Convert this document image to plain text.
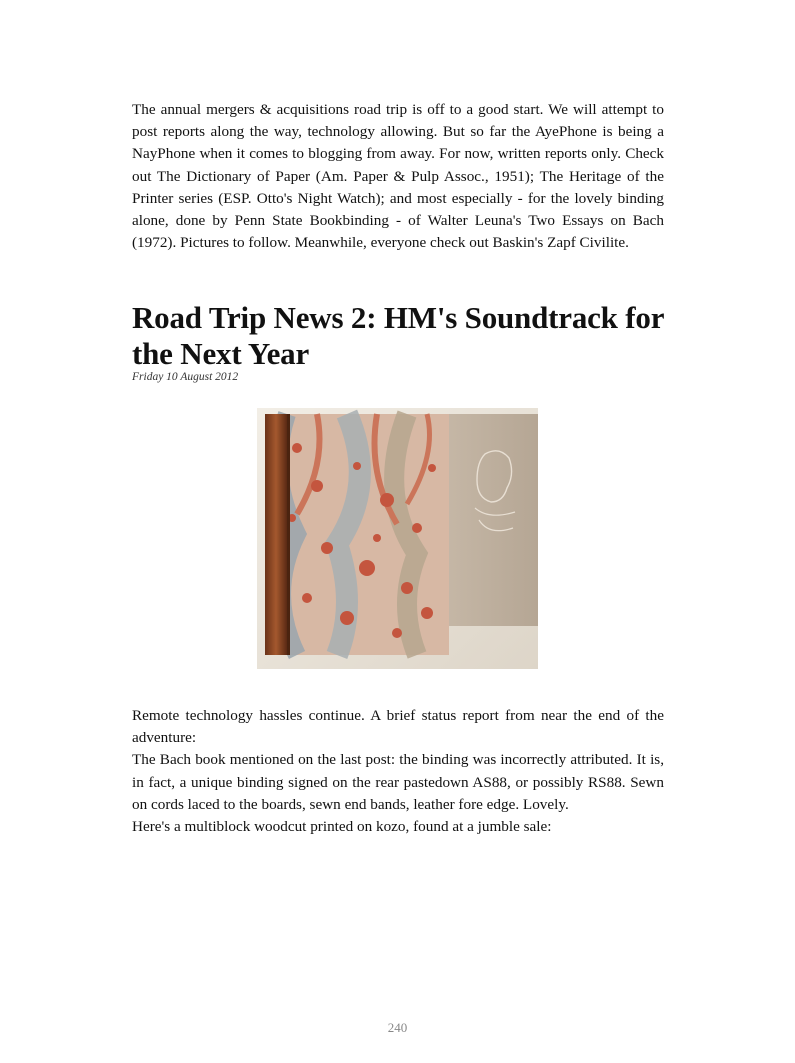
The annual mergers & acquisitions road trip is off to a good start. We will attempt to post reports along the way, technology allowing. But so far the AyePhone is being a NayPhone when it comes to blogging from away. For now, written reports only. Check out The Dictionary of Paper (Am. Paper & Pulp Assoc., 1951); The Heritage of the Printer series (ESP. Otto's Night Watch); and most especially - for the lovely binding alone, done by Penn State Bookbinding - of Walter Leuna's Two Essays on Bach (1972). Pictures to follow. Meanwhile, everyone check out Baskin's Zapf Civilite.

Road Trip News 2: HM's Soundtrack for the Next Year
Friday 10 August 2012

Remote technology hassles continue. A brief status report from near the end of the adventure:

The Bach book mentioned on the last post: the binding was incorrectly attributed. It is, in fact, a unique binding signed on the rear pastedown AS88, or possibly RS88. Sewn on cords laced to the boards, sewn end bands, leather fore edge. Lovely.

Here's a multiblock woodcut printed on kozo, found at a jumble sale:

240
